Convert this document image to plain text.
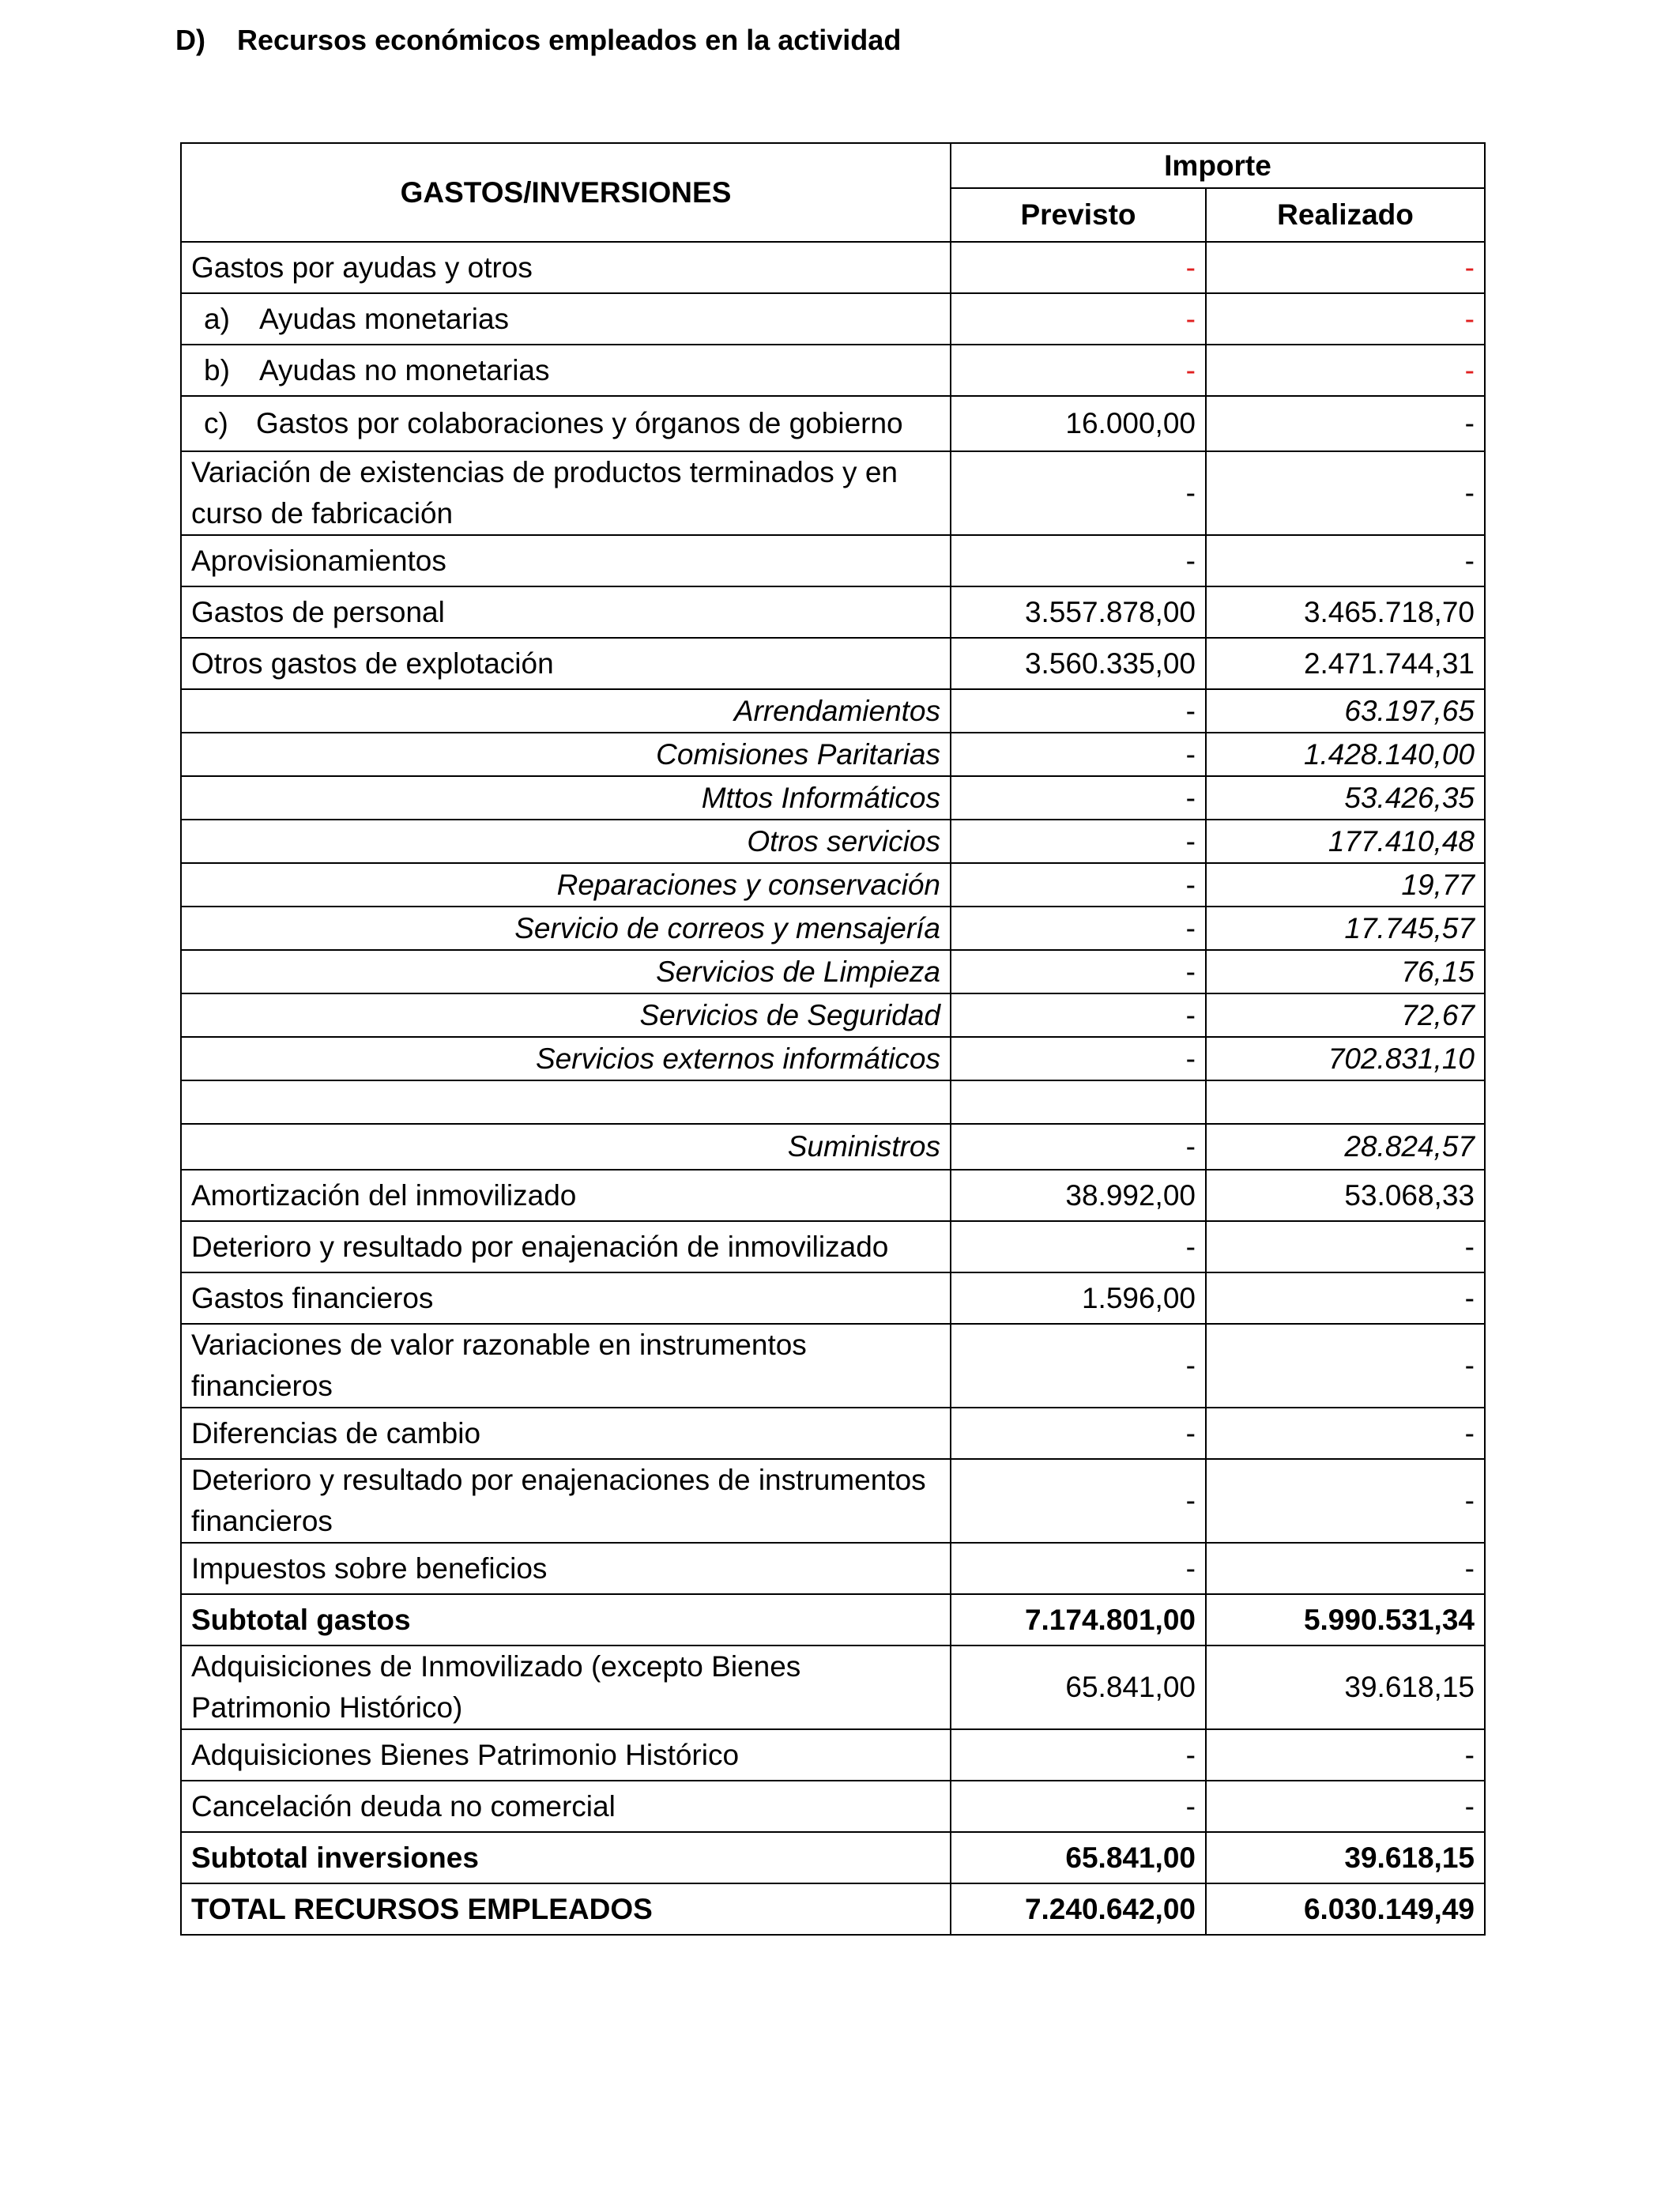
D) Recursos económicos empleados en la actividad
GASTOS/INVERSIONES	Importe	
	Previsto	Realizado
Gastos por ayudas y otros	-	-
a) Ayudas monetarias	-	-
b) Ayudas no monetarias	-	-
c) Gastos por colaboraciones y órganos de gobierno	16.000,00	-
Variación de existencias de productos terminados y en curso de fabricación	-	-
Aprovisionamientos	-	-
Gastos de personal	3.557.878,00	3.465.718,70
Otros gastos de explotación	3.560.335,00	2.471.744,31
Arrendamientos	-	63.197,65
Comisiones Paritarias	-	1.428.140,00
Mttos Informáticos	-	53.426,35
Otros servicios	-	177.410,48
Reparaciones y conservación	-	19,77
Servicio de correos y mensajería	-	17.745,57
Servicios de Limpieza	-	76,15
Servicios de Seguridad	-	72,67
Servicios externos informáticos	-	702.831,10

Suministros	-	28.824,57
Amortización del inmovilizado	38.992,00	53.068,33
Deterioro y resultado por enajenación de inmovilizado	-	-
Gastos financieros	1.596,00	-
Variaciones de valor razonable en instrumentos financieros	-	-
Diferencias de cambio	-	-
Deterioro y resultado por enajenaciones de instrumentos financieros	-	-
Impuestos sobre beneficios	-	-
Subtotal gastos	7.174.801,00	5.990.531,34
Adquisiciones de Inmovilizado (excepto Bienes Patrimonio Histórico)	65.841,00	39.618,15
Adquisiciones Bienes Patrimonio Histórico	-	-
Cancelación deuda no comercial	-	-
Subtotal inversiones	65.841,00	39.618,15
TOTAL RECURSOS EMPLEADOS	7.240.642,00	6.030.149,49
